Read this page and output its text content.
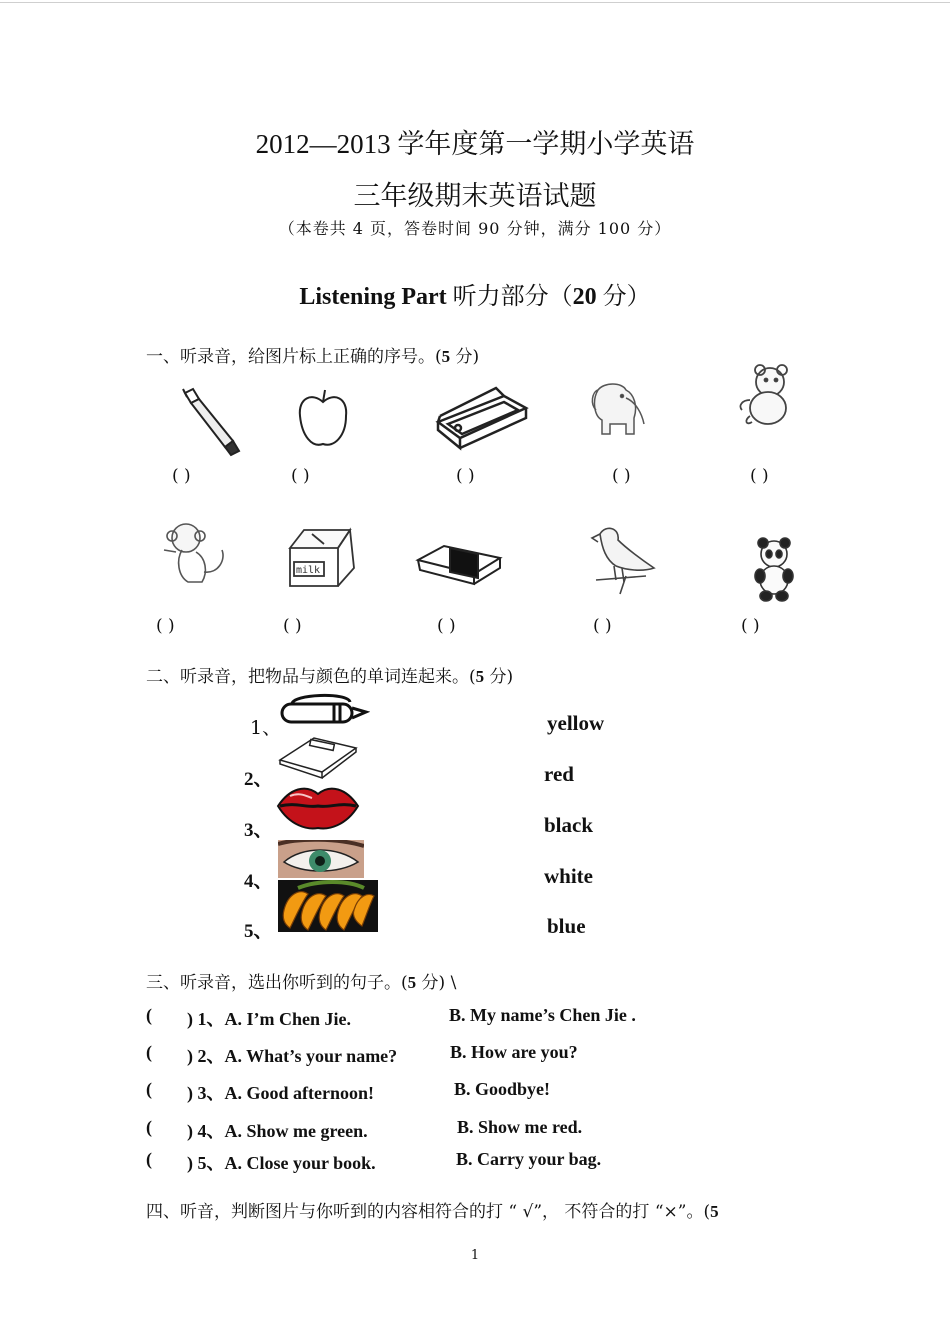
2012—2013 学年度第一学期小学英语
三年级期末英语试题
（本卷共 4 页，答卷时间 90 分钟，满分 100 分）
Listening Part 听力部分（20 分）
一、听录音，给图片标上正确的序号。(5 分)
( )	( )	( )	( )	( )
milk
( )	( )	( )	( )	( )
二、听录音，把物品与颜色的单词连起来。(5 分)
1、
2、
3、
4、
5、
yellow
red
black
white
blue
三、听录音，选出你听到的句子。(5 分) \
( ) 1、A. I’m Chen Jie.	B. My name’s Chen Jie .
( ) 2、A. What’s your name?	B. How are you?
( ) 3、A. Good afternoon!	B. Goodbye!
( ) 4、A. Show me green.	B. Show me red.
( ) 5、A. Close your book.	B. Carry your bag.
四、听音，判断图片与你听到的内容相符合的打 “ √”， 不符合的打 “×”。(5
1
